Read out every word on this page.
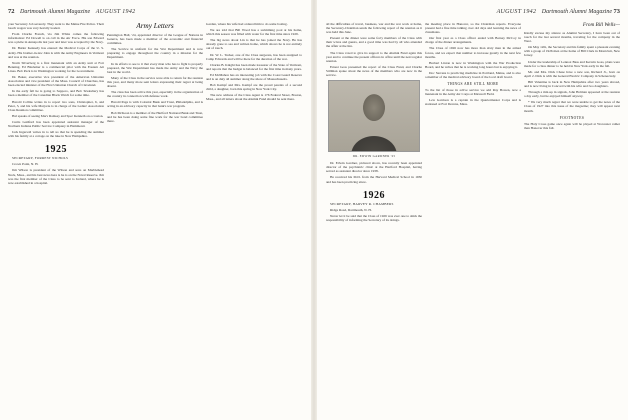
72 Dartmouth Alumni Magazine AUGUST 1942

your Secretary Job severely. They went to the Maine Fire Police. Their beach wagon was very heavily loaded.

From Charlie French, via Jim White comes the following information: Ed Dowell is on call in the Air Force. His son Edward was a plebe in Annapolis last year and later was accepted by the Navy.

Dr. Butler Kennedy has entered the Medical Corps of the U. S. Army. His brother-in-law John is with the Army Engineers in Vermont and was at the reunion.

Norm Silverberg is a first lieutenant with an Army unit at Fort Benning. Ed Blackmer is a commercial pilot with the Eastern Air Lines. Bob Peck is in Washington working for the Government.

Dr. Baker, executive vice president of the American Unitarian Association and vice president of the Mass. Council of Churches, has been elected minister of the First Unitarian Church of Cleveland.

In the early fall he is going to Sapporo, and Bob Tewksbury has been a member of the Canadian Black Watch for some time.

Harold Collins writes in to report two sons, Christopher, 6, and Peter, 3, and his wife Marjorie is in charge of the Ladies' Association Class Reunion committee.

Hal speaks of seeing Marv Ramsey and Spec Kenneth on occasion.

Curtis Guilford has been appointed assistant manager of the Northern Indiana Public Service Company in Hammond.

Jack Ingersoll writes in to tell us that he is spending the summer with his family at a cottage on the lake in New Hampshire.

1925

SECRETARY, FORREST NICHOLS

Crown Point, N. H.

Jim Wilson is president of the Wilson and sons on Marblehead Neck, Mass., and his best news here is he is on the Naval Reserve. Jim was the first member of the Class to be sent to Iceland, where he is now established in a hospital.

Army Letters

Pennington Hall, '24, appointed director of the League of Nations in Geneva, has been made a member of the economic and financial committee.

The Service in uniform for the War Department and is now preparing to engage throughout the country in a mission for the Department.

In its efforts to see to it that every man who has to fight is properly prepared, the War Department has made the Army and the Navy the best in the world.

Many of the Class in the service were able to return for the reunion this year, and many more sent letters expressing their regret at being absent.

The class has been active this year, especially in the organization of the country in connection with defense work.

Harold Page is with Colonial Bank and Trust, Philadelphia, and is acting in an advisory capacity in that bank's war program.

Bob McKeon is a member of the Hartford National Bank and Trust, and he has been doing some fine work for the war bond committee there.

Garden, where his wife had ordered him to do some boxing.

We are told that Bill Wood has a swimming pool at his home, which this season was filled with water for the first time since 1929.

The big news about Lin is that he has joined the Navy. He has already gone to sea and written home, which shows he is not entirely out of touch.

Dr. W. L. Tucker, one of the Class surgeons, has been assigned to Camp Edwards and will be there for the duration of the war.

Charles B. Knight has been made treasurer of the State of Vermont, and reports that the budget is balanced for the first time in many years.

Ed McMahon has an interesting job with the Coast Guard Reserve and is on duty all summer along the shore of Massachusetts.

Bob Kempf and Mrs. Kempf are the proud parents of a second child, a daughter, born this spring in New York City.

The new address of the Class Agent is 176 Federal Street, Boston, Mass., and all letters about the Alumni Fund should be sent there.

AUGUST 1942 Dartmouth Alumni Magazine 73

all the difficulties of travel, business, war and the war work at home, the Secretary-Chairman sends the following report of the reunion as it was held this June.

Present at the dinner were some forty members of the Class with their wives and guests, and a good time was had by all who attended the affair at the Inn.

The Class voted to give its support to the Alumni Fund again this year and to continue the present officers in office until the next regular reunion.

Ernest Goss presented the report of the Class Fund, and Charlie Stillman spoke about the news of the members who are now in the service.

DR. EDWIN GARDNER '25

Dr. Edwin Gardner, pictured above, has recently been appointed director of the psychiatric clinic at the Hartford Hospital, having served as assistant director since 1938.

He received his M.D. from the Harvard Medical School in 1930 and has been practicing since.

1926

SECRETARY, HARVEY R. CHAMBERS

Ridge Road, Dartmouth, N. H.

Never let it be said that the Class of 1926 was ever one to shirk the responsibility of informing the Secretary of its doings.

the meeting place in Hanover, so the Chairman reports. Everyone present had a fine time talking over old days and learning the news of classmates.

Our first year as a Class officer ended with Barney McCoy in charge of the dinner arrangements.

The Class of 1926 now has more than sixty men in the armed forces, and we expect that number to increase greatly in the next few months.

Herbert Linton is now in Washington with the War Production Board, and he writes that he is working long hours but is enjoying it.

Doc Stevens is practicing medicine in Portland, Maine, and is also a member of the medical advisory board of the local draft board.

THINGS ARE STILL MORE

To the list of those in active service we add Ray Bowen, now a lieutenant in the Army Air Corps at Maxwell Field.

Lew Garrison is a captain in the Quartermaster Corps and is stationed at Fort Devens, Mass.

From Bill Wells—

Kindly excuse my silence as Alumni Secretary, I have been out of touch for the last several months, traveling for the company in the West.

On May 12th, the Secretary and his family spent a pleasant evening with a group of 1926 men at the home of Bill Clark in Montclair, New Jersey.

Under the leadership of Lennox Bass and Kerwin Goss, plans were made for a class dinner to be held in New York early in the fall.

Mr. and Mrs. Dick Chase have a new son, Richard Jr., born on April 2. Dick is with the General Electric Company in Schenectady.

Bill Valentine is back in New Hampshire after two years abroad, and is now living in Concord with his wife and two daughters.

Through a mix-up in signals, John Holman appeared at the reunion a day early, but he enjoyed himself anyway.

* We very much regret that we were unable to get the notes of the Class of 1927 into this issue of the magazine; they will appear next month.

FOOTNOTES

The Holy Cross game once again will be played at Worcester rather than Hanover this fall.
